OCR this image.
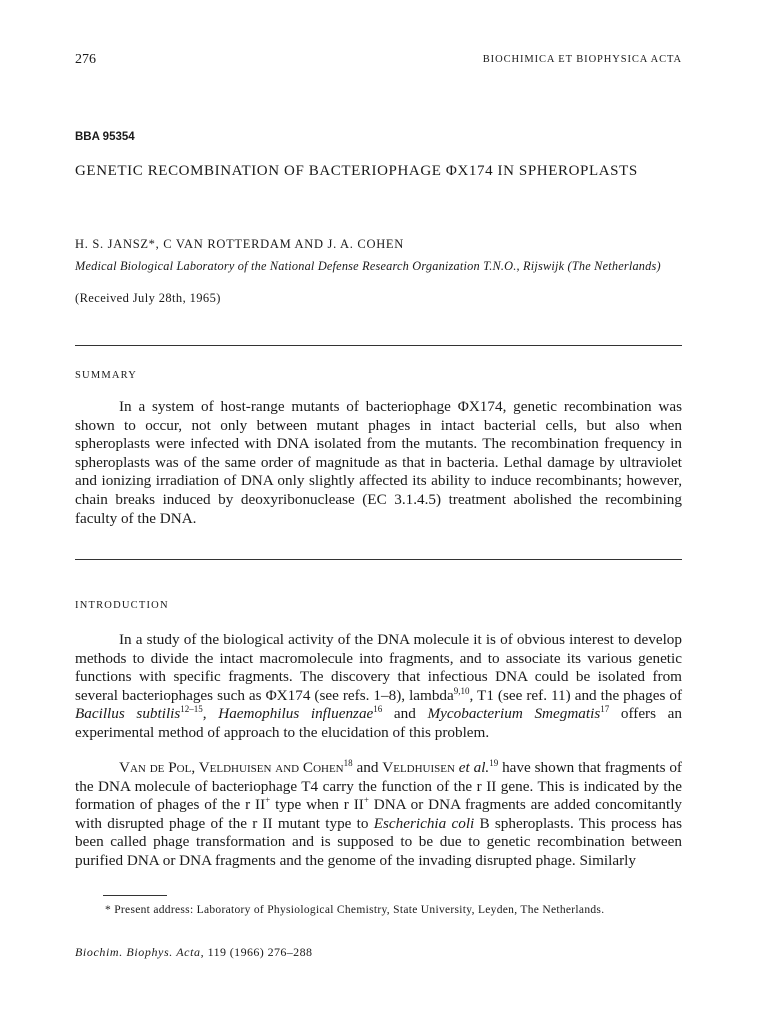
276	BIOCHIMICA ET BIOPHYSICA ACTA
BBA 95354
GENETIC RECOMBINATION OF BACTERIOPHAGE ΦX174 IN SPHEROPLASTS
H. S. JANSZ*, C VAN ROTTERDAM AND J. A. COHEN
Medical Biological Laboratory of the National Defense Research Organization T.N.O., Rijswijk (The Netherlands)
(Received July 28th, 1965)
SUMMARY

In a system of host-range mutants of bacteriophage ΦX174, genetic recombination was shown to occur, not only between mutant phages in intact bacterial cells, but also when spheroplasts were infected with DNA isolated from the mutants. The recombination frequency in spheroplasts was of the same order of magnitude as that in bacteria. Lethal damage by ultraviolet and ionizing irradiation of DNA only slightly affected its ability to induce recombinants; however, chain breaks induced by deoxyribonuclease (EC 3.1.4.5) treatment abolished the recombining faculty of the DNA.

INTRODUCTION

In a study of the biological activity of the DNA molecule it is of obvious interest to develop methods to divide the intact macromolecule into fragments, and to associate its various genetic functions with specific fragments. The discovery that infectious DNA could be isolated from several bacteriophages such as ΦX174 (see refs. 1–8), lambda$^{9,10}$, T1 (see ref. 11) and the phages of Bacillus subtilis$^{12-15}$, Haemophilus influenzae$^{16}$ and Mycobacterium Smegmatis$^{17}$ offers an experimental method of approach to the elucidation of this problem.

Van de Pol, Veldhuisen and Cohen$^{18}$ and Veldhuisen et al.$^{19}$ have shown that fragments of the DNA molecule of bacteriophage T4 carry the function of the r II gene. This is indicated by the formation of phages of the r II+ type when r II+ DNA or DNA fragments are added concomitantly with disrupted phage of the r II mutant type to Escherichia coli B spheroplasts. This process has been called phage transformation and is supposed to be due to genetic recombination between purified DNA or DNA fragments and the genome of the invading disrupted phage. Similarly

* Present address: Laboratory of Physiological Chemistry, State University, Leyden, The Netherlands.

Biochim. Biophys. Acta, 119 (1966) 276–288
